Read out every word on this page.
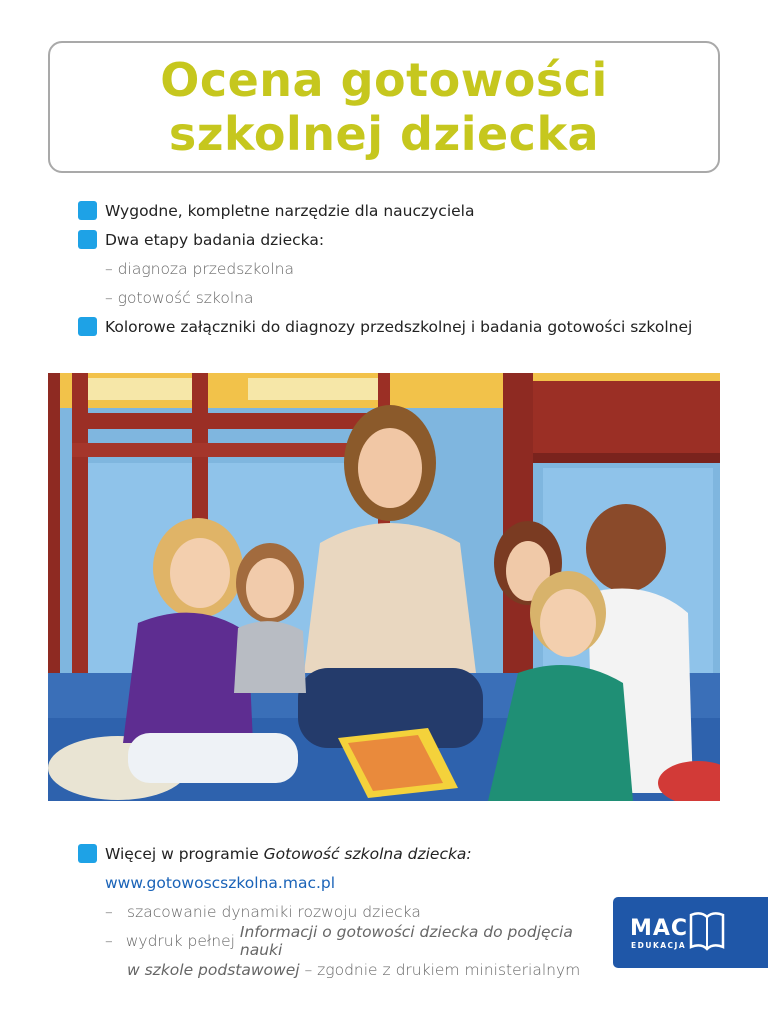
Ocena gotowości
szkolnej dziecka
Wygodne, kompletne narzędzie dla nauczyciela
Dwa etapy badania dziecka:
– diagnoza przedszkolna
– gotowość szkolna
Kolorowe załączniki do diagnozy przedszkolnej i badania gotowości szkolnej
Więcej w programie Gotowość szkolna dziecka:
www.gotowoscszkolna.mac.pl
– szacowanie dynamiki rozwoju dziecka
– wydruk pełnej Informacji o gotowości dziecka do podjęcia nauki
w szkole podstawowej – zgodnie z drukiem ministerialnym
MAC
EDUKACJA
